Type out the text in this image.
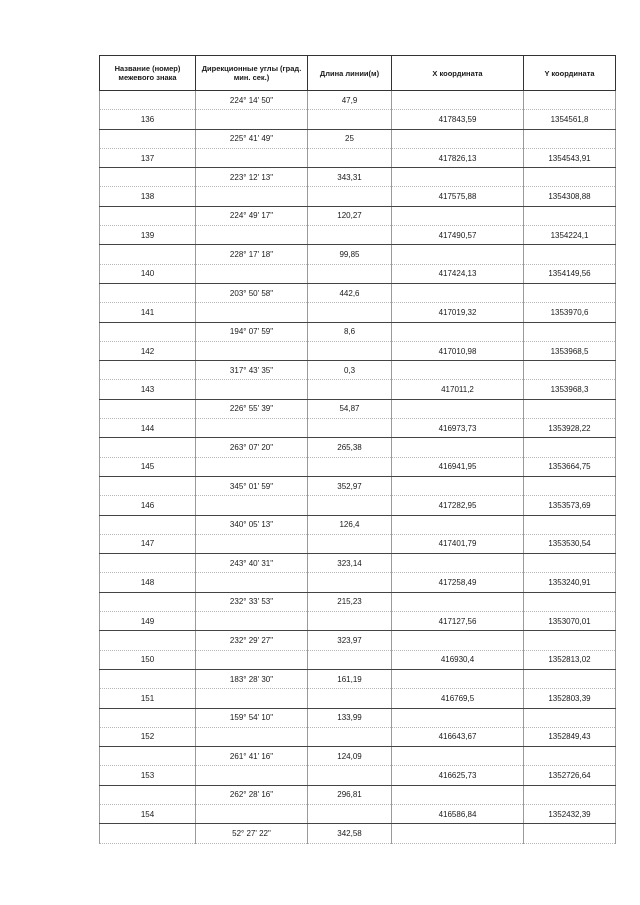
Название (номер) межевого знака	Дирекционные углы (град. мин. сек.)	Длина линии(м)	X координата	Y координата
	224° 14' 50"	47,9		
136			417843,59	1354561,8
	225° 41' 49"	25		
137			417826,13	1354543,91
	223° 12' 13"	343,31		
138			417575,88	1354308,88
	224° 49' 17"	120,27		
139			417490,57	1354224,1
	228° 17' 18"	99,85		
140			417424,13	1354149,56
	203° 50' 58"	442,6		
141			417019,32	1353970,6
	194° 07' 59"	8,6		
142			417010,98	1353968,5
	317° 43' 35"	0,3		
143			417011,2	1353968,3
	226° 55' 39"	54,87		
144			416973,73	1353928,22
	263° 07' 20"	265,38		
145			416941,95	1353664,75
	345° 01' 59"	352,97		
146			417282,95	1353573,69
	340° 05' 13"	126,4		
147			417401,79	1353530,54
	243° 40' 31"	323,14		
148			417258,49	1353240,91
	232° 33' 53"	215,23		
149			417127,56	1353070,01
	232° 29' 27"	323,97		
150			416930,4	1352813,02
	183° 28' 30"	161,19		
151			416769,5	1352803,39
	159° 54' 10"	133,99		
152			416643,67	1352849,43
	261° 41' 16"	124,09		
153			416625,73	1352726,64
	262° 28' 16"	296,81		
154			416586,84	1352432,39
	52° 27' 22"	342,58		
